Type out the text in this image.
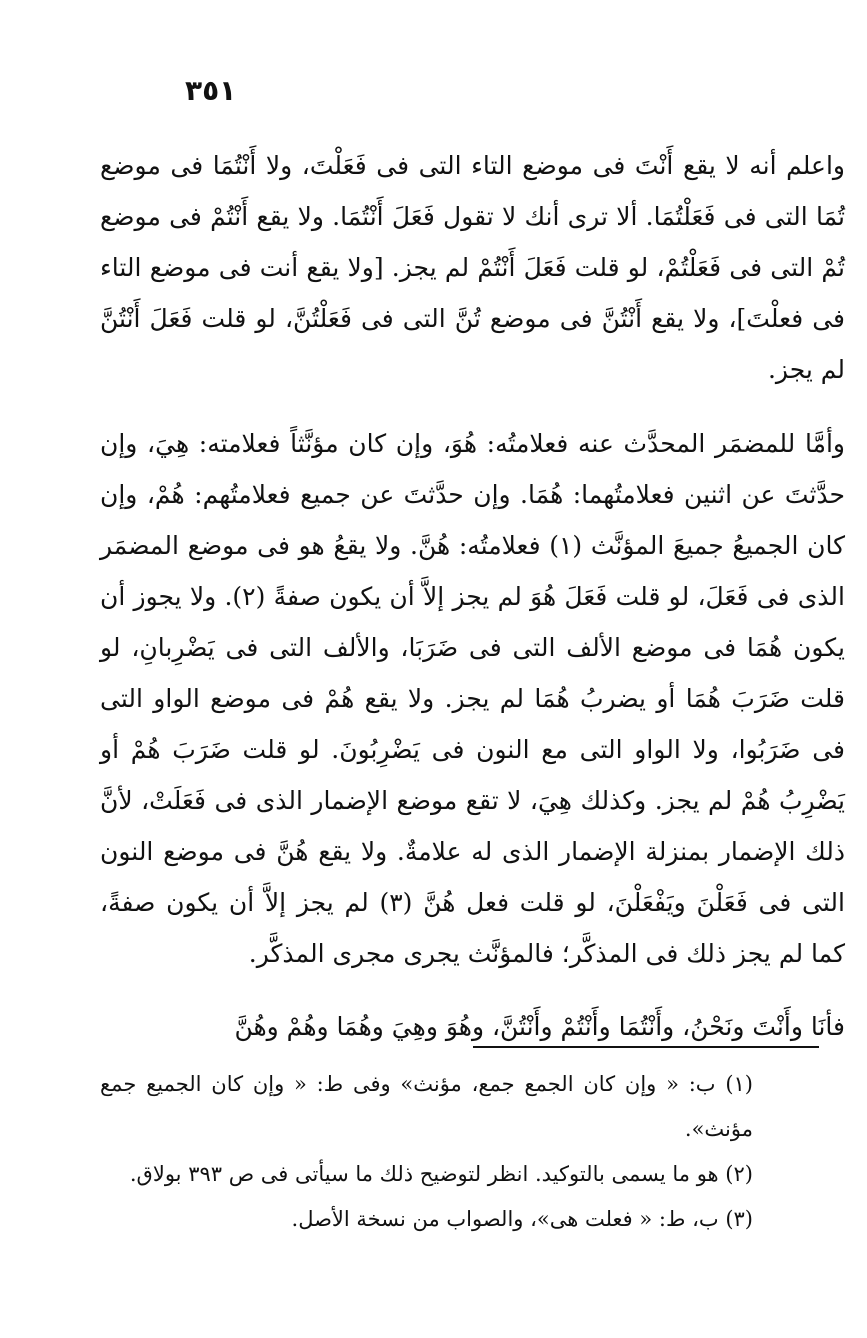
٣٥١

واعلم أنه لا يقع أَنْتَ فى موضع التاء التى فى فَعَلْتَ، ولا أَنْتُمَا فى موضع تُمَا التى فى فَعَلْتُمَا. ألا ترى أنك لا تقول فَعَلَ أَنْتُمَا. ولا يقع أَنْتُمْ فى موضع تُمْ التى فى فَعَلْتُمْ، لو قلت فَعَلَ أَنْتُمْ لم يجز. [ولا يقع أنت فى موضع التاء فى فعلْتَ]، ولا يقع أَنْتُنَّ فى موضع تُنَّ التى فى فَعَلْتُنَّ، لو قلت فَعَلَ أَنْتُنَّ لم يجز.

وأمَّا للمضمَر المحدَّث عنه فعلامتُه: هُوَ، وإن كان مؤنَّثاً فعلامته: هِيَ، وإن حدَّثتَ عن اثنين فعلامتُهما: هُمَا. وإن حدَّثتَ عن جميع فعلامتُهم: هُمْ، وإن كان الجميعُ جميعَ المؤنَّث (١) فعلامتُه: هُنَّ. ولا يقعُ هو فى موضع المضمَر الذى فى فَعَلَ، لو قلت فَعَلَ هُوَ لم يجز إلاَّ أن يكون صفةً (٢). ولا يجوز أن يكون هُمَا فى موضع الألف التى فى ضَرَبَا، والألف التى فى يَضْرِبانِ، لو قلت ضَرَبَ هُمَا أو يضربُ هُمَا لم يجز. ولا يقع هُمْ فى موضع الواو التى فى ضَرَبُوا، ولا الواو التى مع النون فى يَضْرِبُونَ. لو قلت ضَرَبَ هُمْ أو يَضْرِبُ هُمْ لم يجز. وكذلك هِيَ، لا تقع موضع الإضمار الذى فى فَعَلَتْ، لأنَّ ذلك الإضمار بمنزلة الإضمار الذى له علامةٌ. ولا يقع هُنَّ فى موضع النون التى فى فَعَلْنَ ويَفْعَلْنَ، لو قلت فعل هُنَّ (٣) لم يجز إلاَّ أن يكون صفةً، كما لم يجز ذلك فى المذكَّر؛ فالمؤنَّث يجرى مجرى المذكَّر.

فأنَا وأَنْتَ ونَحْنُ، وأَنْتُمَا وأَنْتُمْ وأَنْتُنَّ، وهُوَ وهِيَ وهُمَا وهُمْ وهُنَّ

(١) ب: « وإن كان الجمع جمع، مؤنث» وفى ط: « وإن كان الجميع جمع مؤنث».

(٢) هو ما يسمى بالتوكيد. انظر لتوضيح ذلك ما سيأتى فى ص ٣٩٣ بولاق.

(٣) ب، ط: « فعلت هى»، والصواب من نسخة الأصل.
